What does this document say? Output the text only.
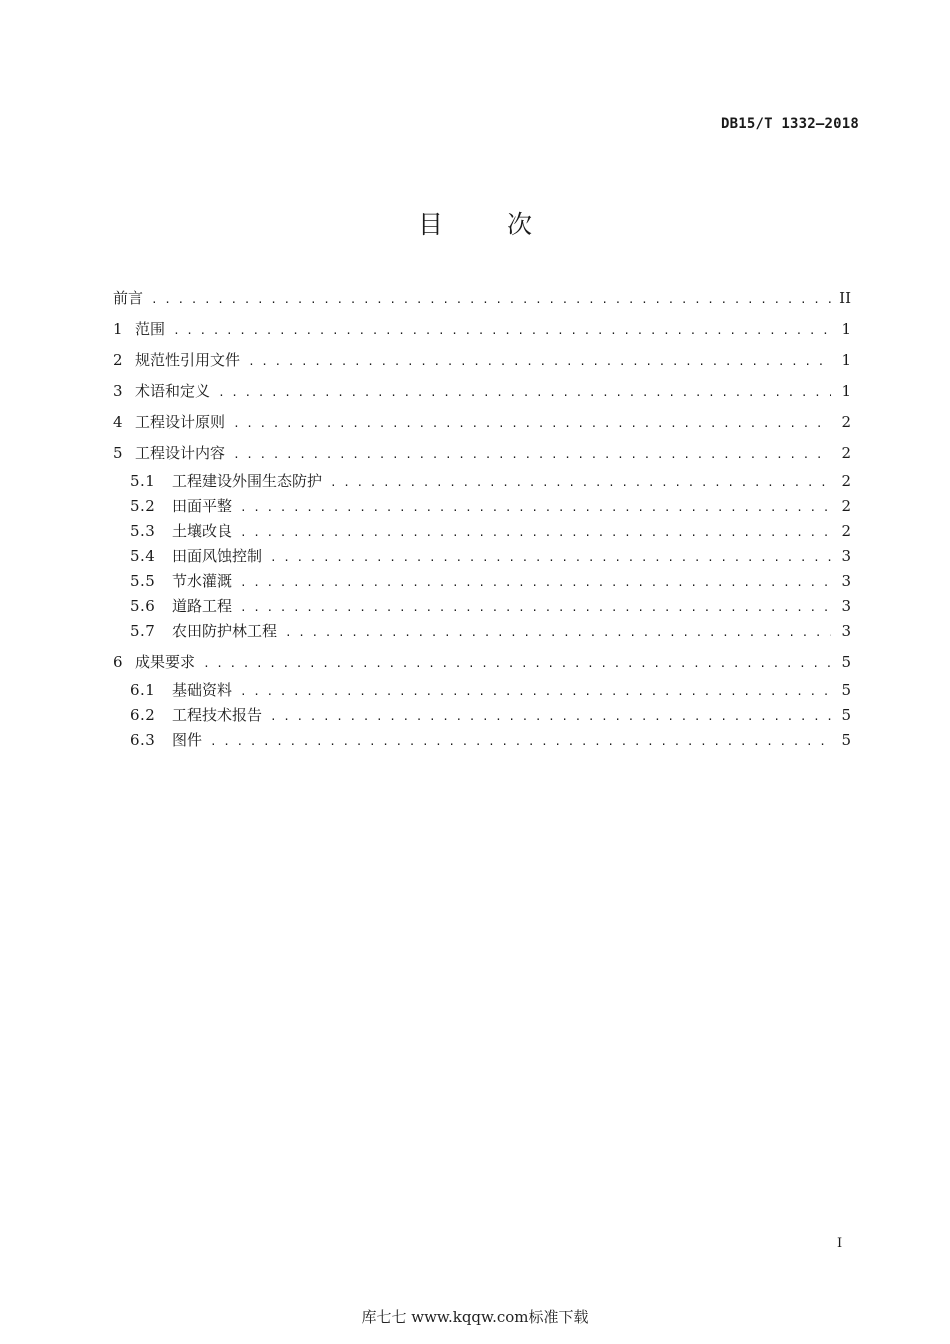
DB15/T 1332—2018
目 次
前言 . . .	II
1 范围 . . .	1
2 规范性引用文件 . . .	1
3 术语和定义 . . .	1
4 工程设计原则 . . .	2
5 工程设计内容 . . .	2
5.1	工程建设外围生态防护 . . .	2
5.2	田面平整 . . .	2
5.3	土壤改良 . . .	2
5.4	田面风蚀控制 . . .	3
5.5	节水灌溉 . . .	3
5.6	道路工程 . . .	3
5.7	农田防护林工程 . . .	3
6 成果要求 . . .	5
6.1	基础资料 . . .	5
6.2	工程技术报告 . . .	5
6.3	图件 . . .	5
I
库七七 www.kqqw.com标准下载
